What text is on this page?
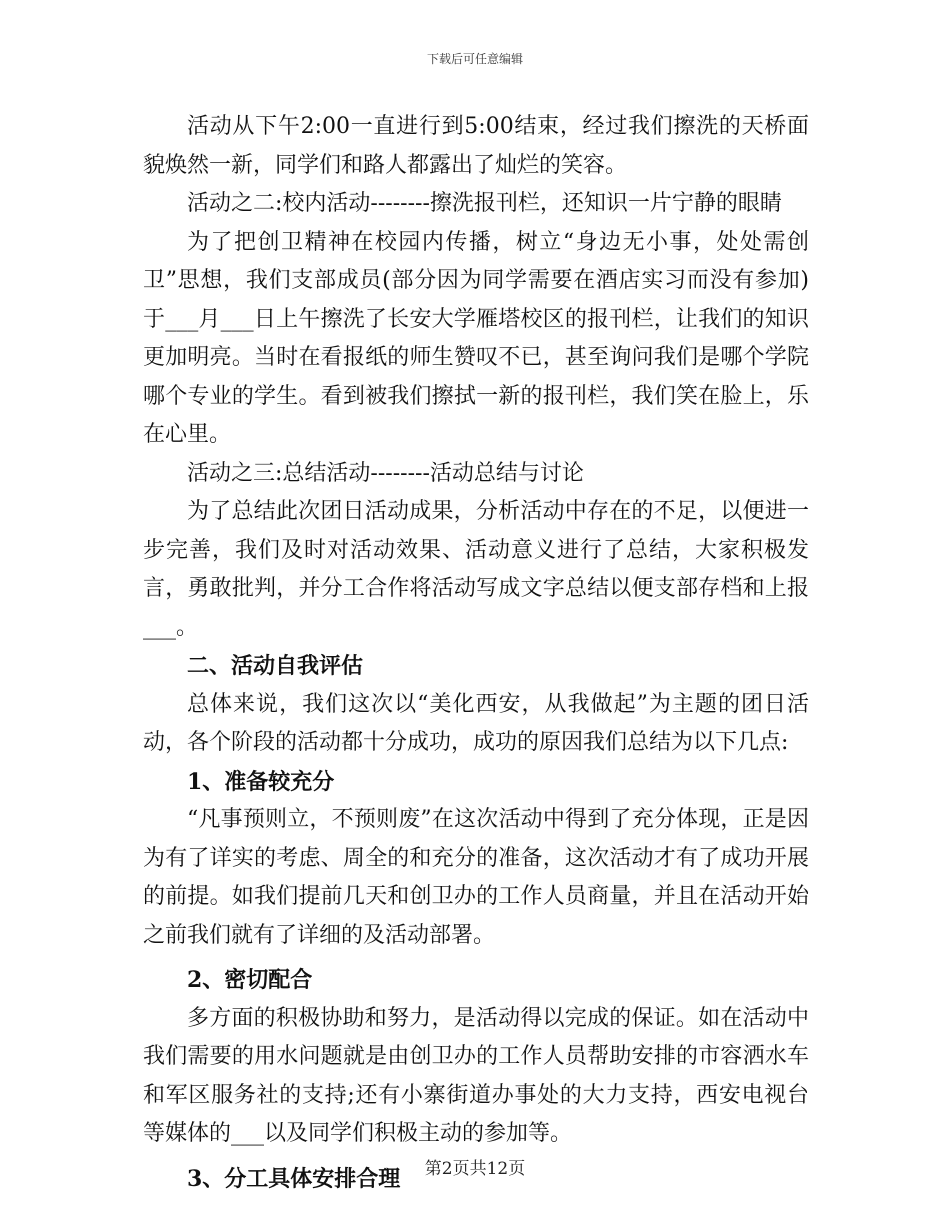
下载后可任意编辑

活动从下午2:00一直进行到5:00结束，经过我们擦洗的天桥面貌焕然一新，同学们和路人都露出了灿烂的笑容。

活动之二:校内活动--------擦洗报刊栏，还知识一片宁静的眼睛

为了把创卫精神在校园内传播，树立“身边无小事，处处需创卫”思想，我们支部成员(部分因为同学需要在酒店实习而没有参加)于___月___日上午擦洗了长安大学雁塔校区的报刊栏，让我们的知识更加明亮。当时在看报纸的师生赞叹不已，甚至询问我们是哪个学院哪个专业的学生。看到被我们擦拭一新的报刊栏，我们笑在脸上，乐在心里。

活动之三:总结活动--------活动总结与讨论

为了总结此次团日活动成果，分析活动中存在的不足，以便进一步完善，我们及时对活动效果、活动意义进行了总结，大家积极发言，勇敢批判，并分工合作将活动写成文字总结以便支部存档和上报___。

二、活动自我评估

总体来说，我们这次以“美化西安，从我做起”为主题的团日活动，各个阶段的活动都十分成功，成功的原因我们总结为以下几点:

1、准备较充分

“凡事预则立，不预则废”在这次活动中得到了充分体现，正是因为有了详实的考虑、周全的和充分的准备，这次活动才有了成功开展的前提。如我们提前几天和创卫办的工作人员商量，并且在活动开始之前我们就有了详细的及活动部署。

2、密切配合

多方面的积极协助和努力，是活动得以完成的保证。如在活动中我们需要的用水问题就是由创卫办的工作人员帮助安排的市容洒水车和军区服务社的支持;还有小寨街道办事处的大力支持，西安电视台等媒体的___以及同学们积极主动的参加等。

3、分工具体安排合理	第2页共12页
